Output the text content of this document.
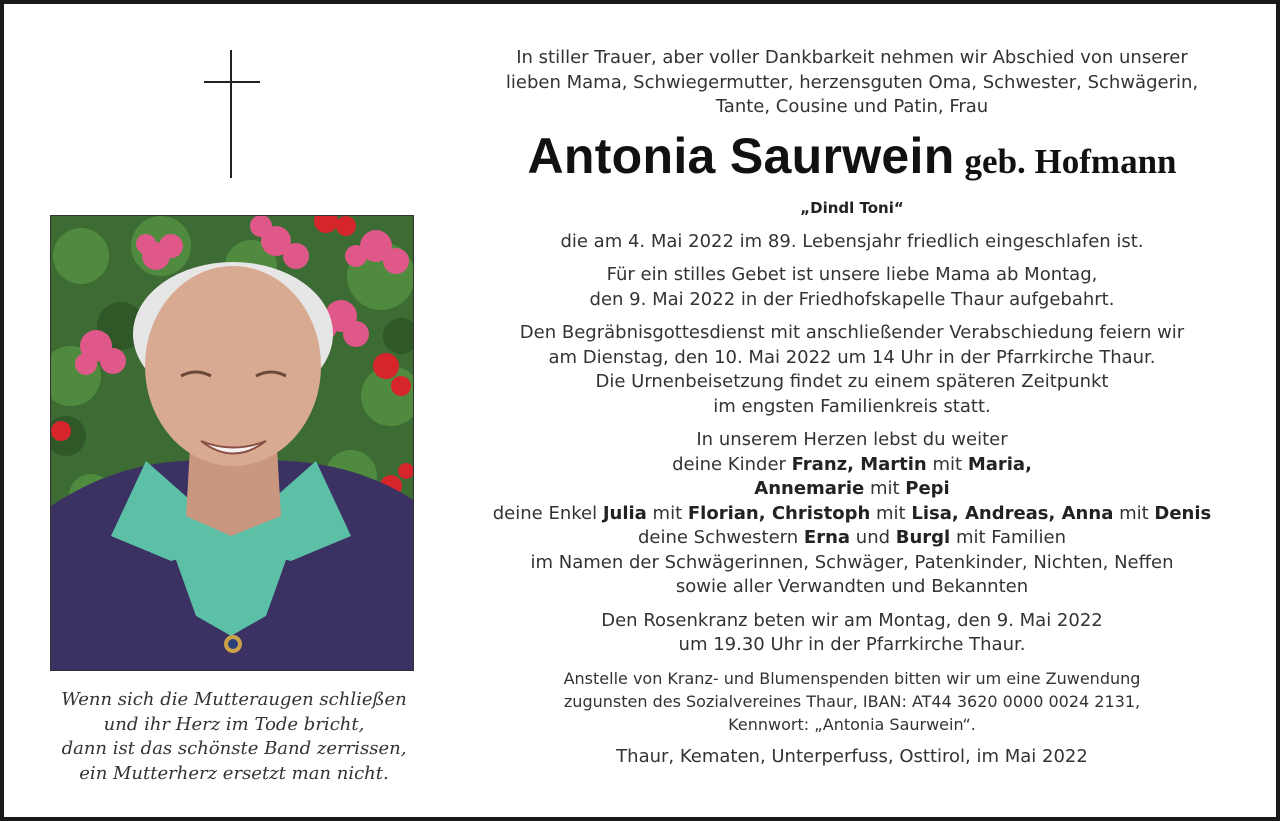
Wenn sich die Mutteraugen schließen
und ihr Herz im Tode bricht,
dann ist das schönste Band zerrissen,
ein Mutterherz ersetzt man nicht.
In stiller Trauer, aber voller Dankbarkeit nehmen wir Abschied von unserer
lieben Mama, Schwiegermutter, herzensguten Oma, Schwester, Schwägerin,
Tante, Cousine und Patin, Frau
Antonia Saurwein geb. Hofmann
„Dindl Toni“
die am 4. Mai 2022 im 89. Lebensjahr friedlich eingeschlafen ist.
Für ein stilles Gebet ist unsere liebe Mama ab Montag,
den 9. Mai 2022 in der Friedhofskapelle Thaur aufgebahrt.
Den Begräbnisgottesdienst mit anschließender Verabschiedung feiern wir
am Dienstag, den 10. Mai 2022 um 14 Uhr in der Pfarrkirche Thaur.
Die Urnenbeisetzung findet zu einem späteren Zeitpunkt
im engsten Familienkreis statt.
In unserem Herzen lebst du weiter
deine Kinder Franz, Martin mit Maria,
Annemarie mit Pepi
deine Enkel Julia mit Florian, Christoph mit Lisa, Andreas, Anna mit Denis
deine Schwestern Erna und Burgl mit Familien
im Namen der Schwägerinnen, Schwäger, Patenkinder, Nichten, Neffen
sowie aller Verwandten und Bekannten
Den Rosenkranz beten wir am Montag, den 9. Mai 2022
um 19.30 Uhr in der Pfarrkirche Thaur.
Anstelle von Kranz- und Blumenspenden bitten wir um eine Zuwendung
zugunsten des Sozialvereines Thaur, IBAN: AT44 3620 0000 0024 2131,
Kennwort: „Antonia Saurwein“.
Thaur, Kematen, Unterperfuss, Osttirol, im Mai 2022
